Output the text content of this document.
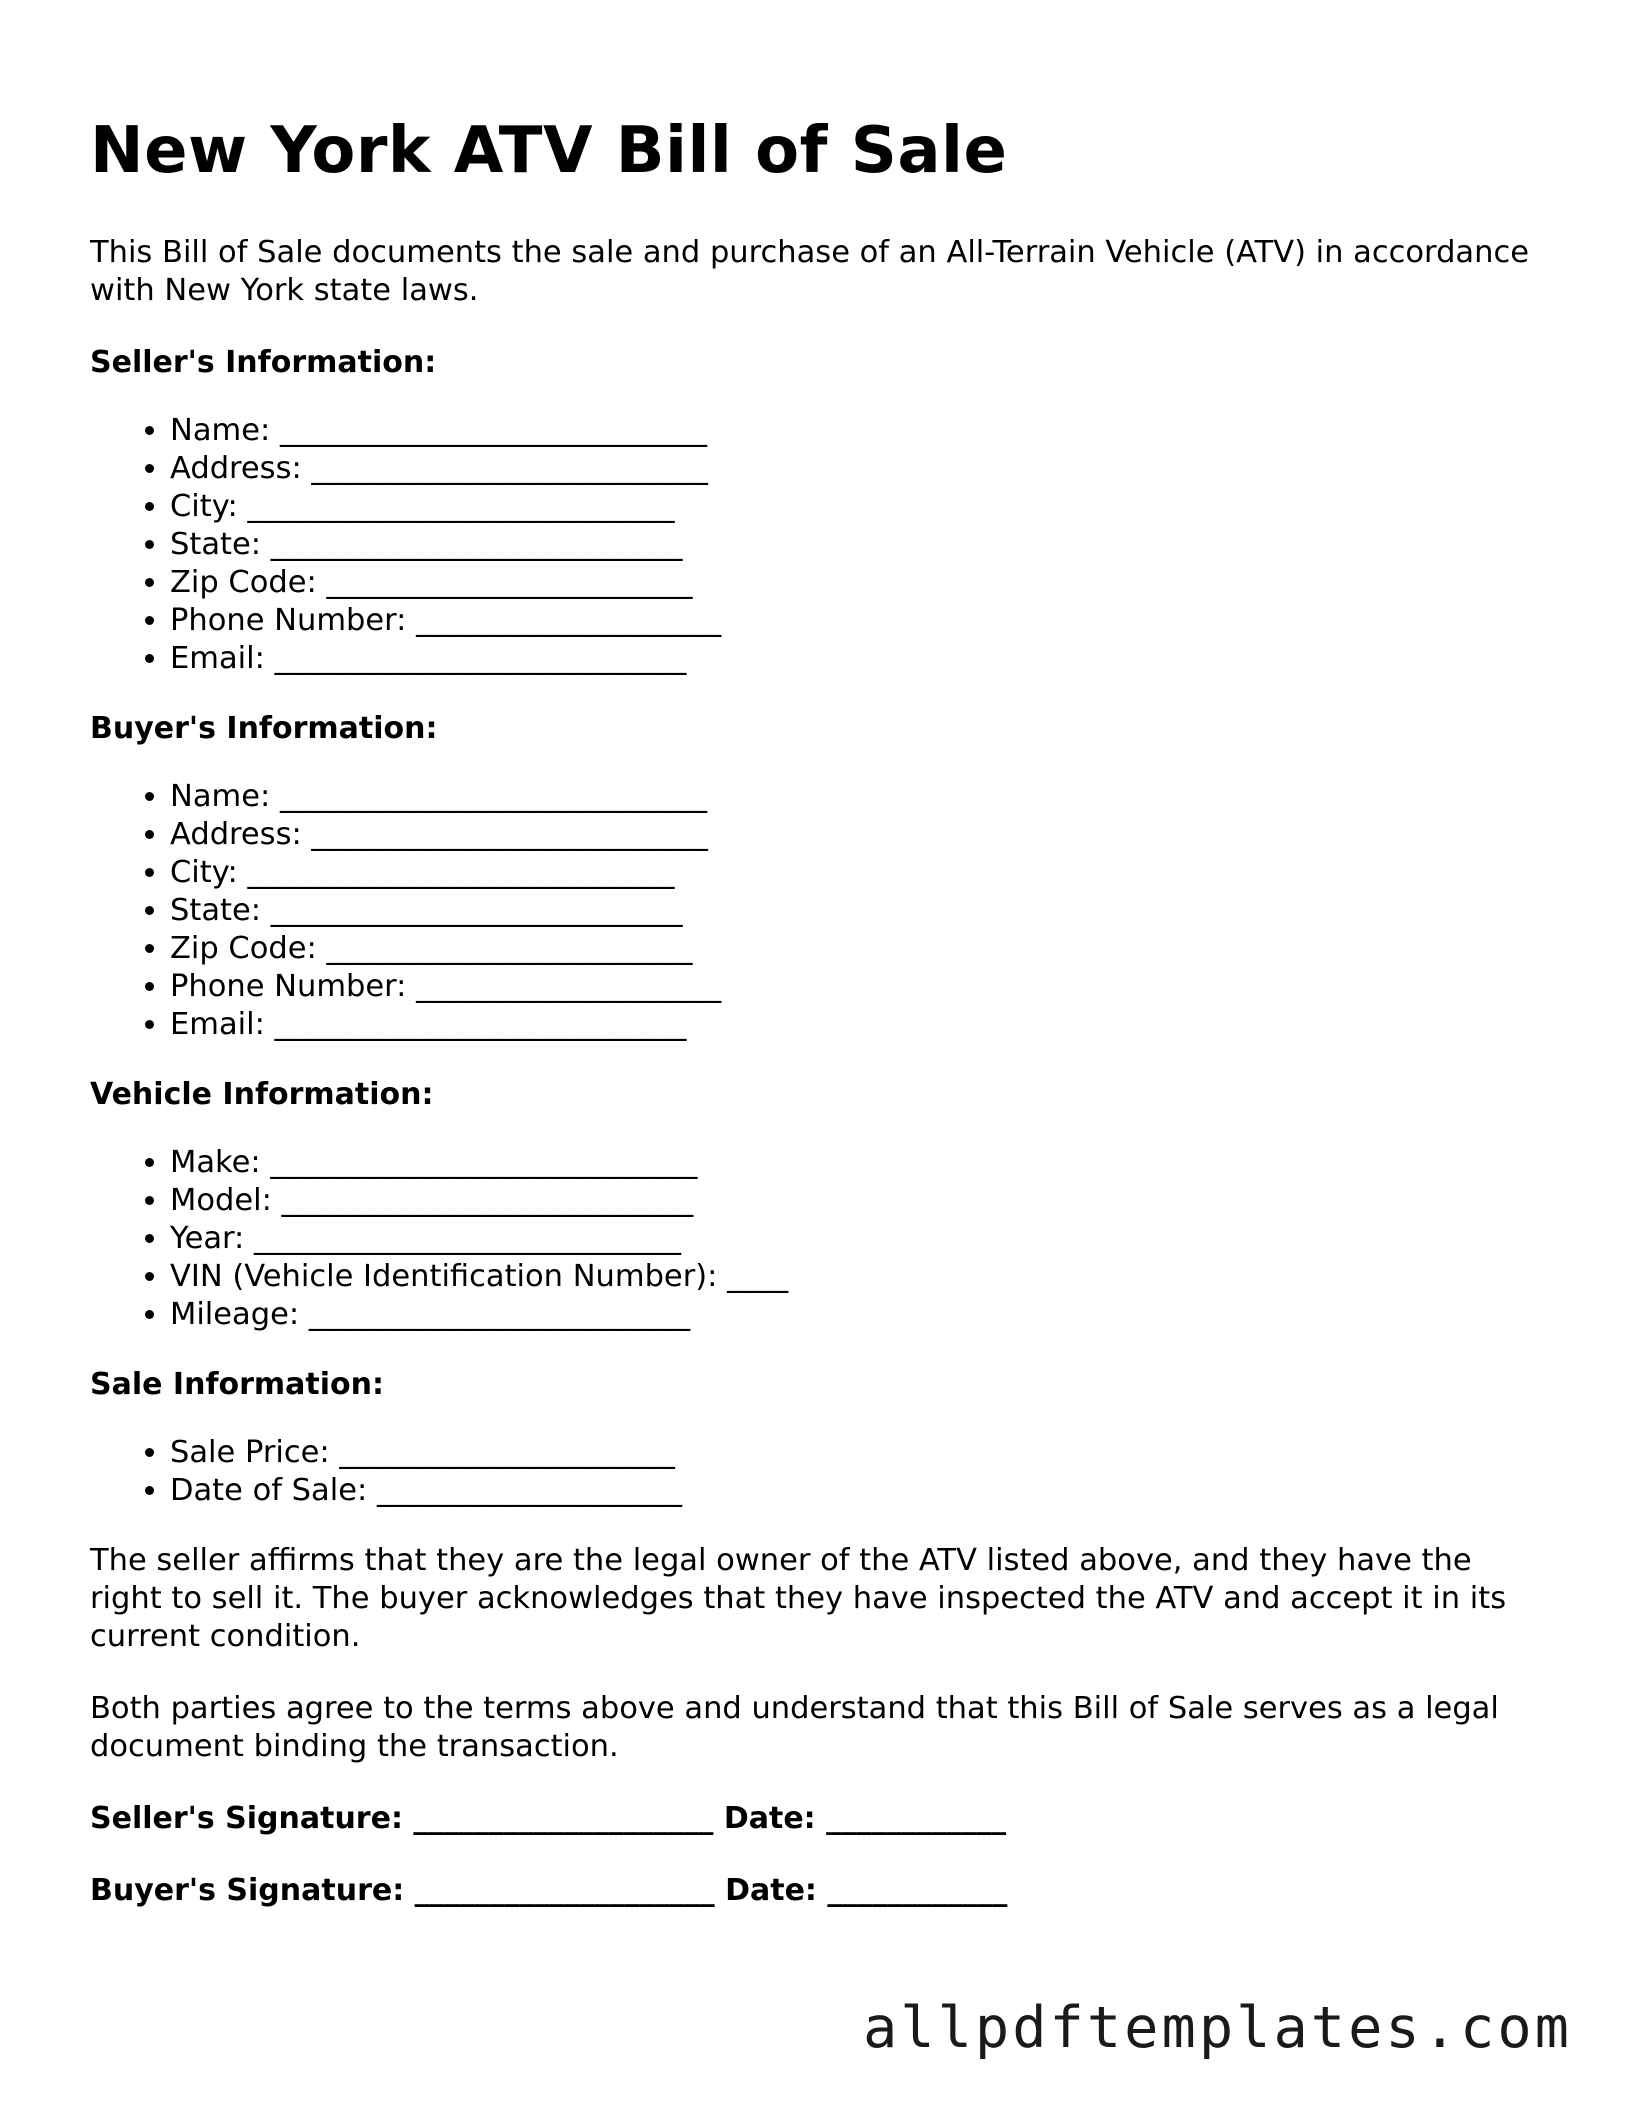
New York ATV Bill of Sale

This Bill of Sale documents the sale and purchase of an All-Terrain Vehicle (ATV) in accordance with New York state laws.

Seller's Information:
• Name: ____________________________
• Address: __________________________
• City: ____________________________
• State: ___________________________
• Zip Code: ________________________
• Phone Number: ____________________
• Email: ___________________________
Buyer's Information:
• Name: ____________________________
• Address: __________________________
• City: ____________________________
• State: ___________________________
• Zip Code: ________________________
• Phone Number: ____________________
• Email: ___________________________
Vehicle Information:
• Make: ____________________________
• Model: ___________________________
• Year: ____________________________
• VIN (Vehicle Identification Number): ____
• Mileage: _________________________
Sale Information:
• Sale Price: ______________________
• Date of Sale: ____________________

The seller affirms that they are the legal owner of the ATV listed above, and they have the right to sell it. The buyer acknowledges that they have inspected the ATV and accept it in its current condition.

Both parties agree to the terms above and understand that this Bill of Sale serves as a legal document binding the transaction.

Seller's Signature: ____________________ Date: ____________
Buyer's Signature: ____________________ Date: ____________
allpdftemplates.com
